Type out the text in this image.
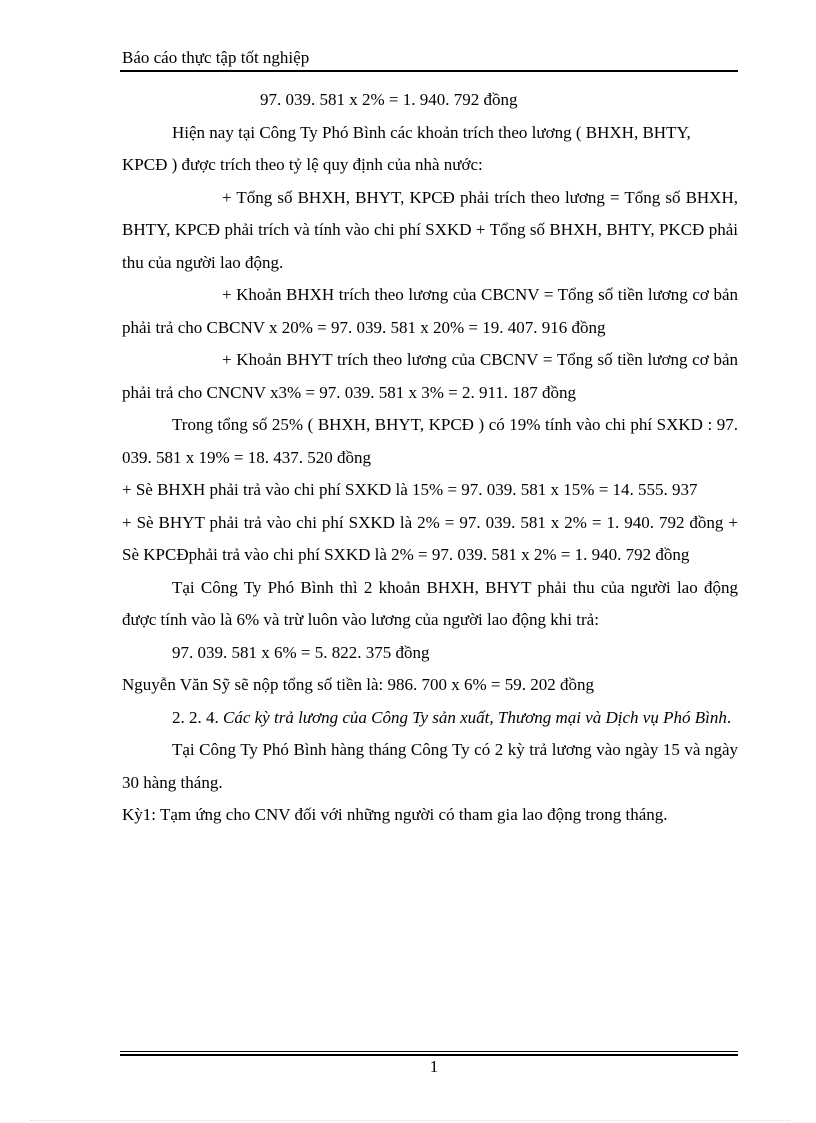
Báo cáo thực tập tốt nghiệp

97. 039. 581 x 2% = 1. 940. 792 đồng

Hiện nay tại Công Ty Phó Bình các khoản trích theo lương ( BHXH, BHTY,

KPCĐ ) được trích theo tỷ lệ quy định của nhà nước:

+ Tổng số BHXH, BHYT, KPCĐ phải trích theo lương = Tổng số BHXH, BHTY, KPCĐ phải trích và tính vào chi phí SXKD + Tổng số BHXH, BHTY, PKCĐ phải thu của người lao động.

+ Khoản BHXH trích theo lương của CBCNV = Tổng số tiền lương cơ bản phải trả cho CBCNV x 20% = 97. 039. 581 x 20% = 19. 407. 916 đồng

+ Khoản BHYT trích theo lương của CBCNV = Tổng số tiền lương cơ bản phải trả cho CNCNV x3% = 97. 039. 581 x 3% = 2. 911. 187 đồng

Trong tổng số 25% ( BHXH, BHYT, KPCĐ ) có 19% tính vào chi phí SXKD : 97. 039. 581 x 19% = 18. 437. 520 đồng

+ Sè BHXH phải trả vào chi phí SXKD là 15% = 97. 039. 581 x 15% = 14. 555. 937

+ Sè BHYT phải trả vào chi phí SXKD là 2% = 97. 039. 581 x 2% = 1. 940. 792 đồng + Sè KPCĐphải trả vào chi phí SXKD là 2% = 97. 039. 581 x 2% = 1. 940. 792 đồng

Tại Công Ty Phó Bình thì 2 khoản BHXH, BHYT phải thu của người lao động được tính vào là 6% và trừ luôn vào lương của người lao động khi trả:

97. 039. 581 x 6% = 5. 822. 375 đồng

Nguyễn Văn Sỹ sẽ nộp tổng số tiền là: 986. 700 x 6% = 59. 202 đồng

2. 2. 4. Các kỳ trả lương của Công Ty sản xuất, Thương mại và Dịch vụ Phó Bình.

Tại Công Ty Phó Bình hàng tháng Công Ty có 2 kỳ trả lương vào ngày 15 và ngày 30 hàng tháng.

Kỳ1: Tạm ứng cho CNV đối với những người có tham gia lao động trong tháng.

1
